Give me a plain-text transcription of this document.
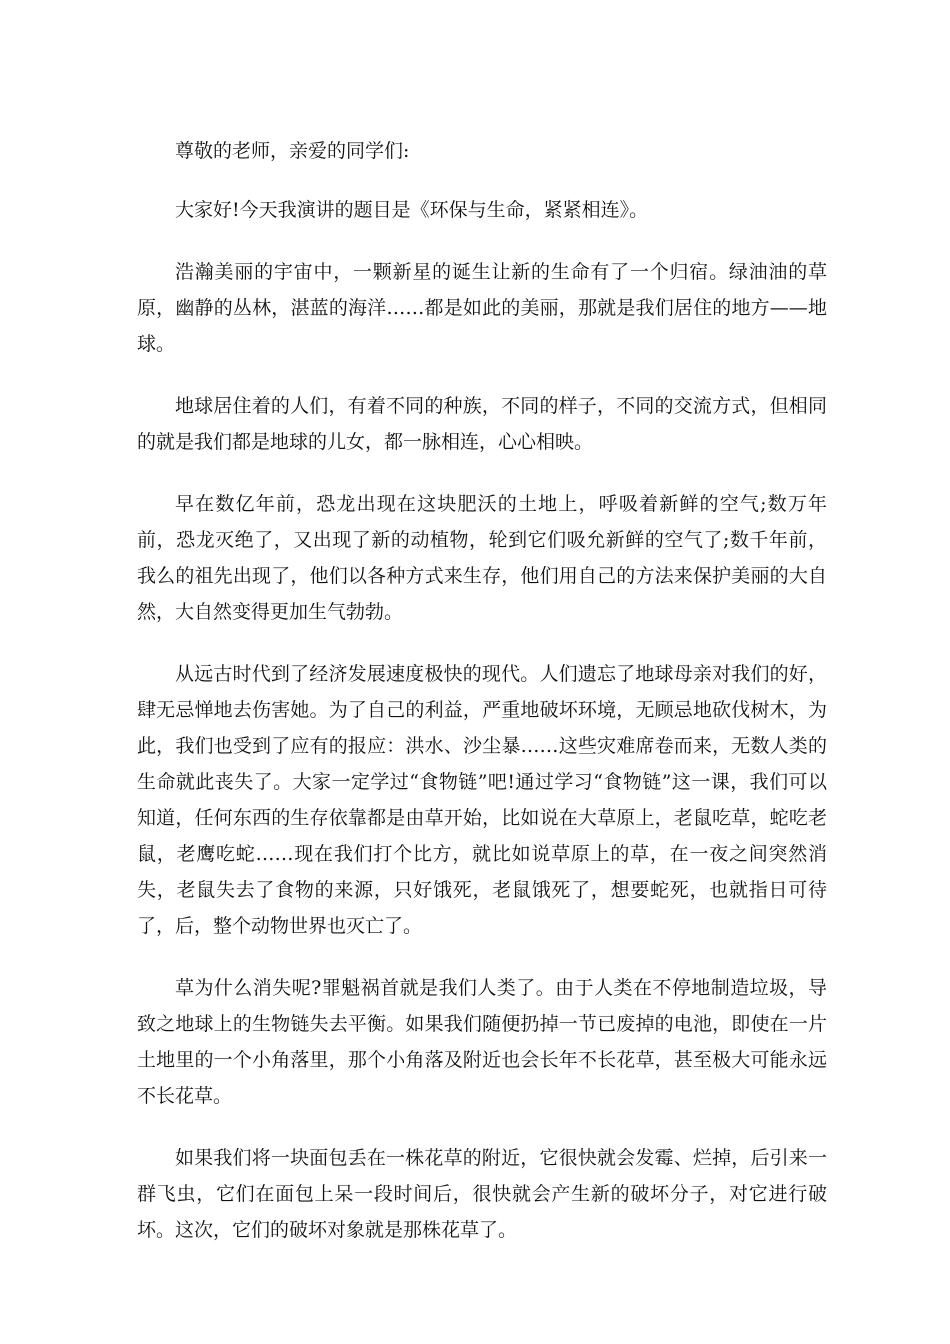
尊敬的老师，亲爱的同学们:

大家好!今天我演讲的题目是《环保与生命，紧紧相连》。

浩瀚美丽的宇宙中，一颗新星的诞生让新的生命有了一个归宿。绿油油的草原，幽静的丛林，湛蓝的海洋……都是如此的美丽，那就是我们居住的地方——地球。

地球居住着的人们，有着不同的种族，不同的样子，不同的交流方式，但相同的就是我们都是地球的儿女，都一脉相连，心心相映。

早在数亿年前，恐龙出现在这块肥沃的土地上，呼吸着新鲜的空气;数万年前，恐龙灭绝了，又出现了新的动植物，轮到它们吸允新鲜的空气了;数千年前，我么的祖先出现了，他们以各种方式来生存，他们用自己的方法来保护美丽的大自然，大自然变得更加生气勃勃。

从远古时代到了经济发展速度极快的现代。人们遗忘了地球母亲对我们的好，肆无忌惮地去伤害她。为了自己的利益，严重地破坏环境，无顾忌地砍伐树木，为此，我们也受到了应有的报应：洪水、沙尘暴……这些灾难席卷而来，无数人类的生命就此丧失了。大家一定学过“食物链”吧!通过学习“食物链”这一课，我们可以知道，任何东西的生存依靠都是由草开始，比如说在大草原上，老鼠吃草，蛇吃老鼠，老鹰吃蛇……现在我们打个比方，就比如说草原上的草，在一夜之间突然消失，老鼠失去了食物的来源，只好饿死，老鼠饿死了，想要蛇死，也就指日可待了，后，整个动物世界也灭亡了。

草为什么消失呢?罪魁祸首就是我们人类了。由于人类在不停地制造垃圾，导致之地球上的生物链失去平衡。如果我们随便扔掉一节已废掉的电池，即使在一片土地里的一个小角落里，那个小角落及附近也会长年不长花草，甚至极大可能永远不长花草。

如果我们将一块面包丢在一株花草的附近，它很快就会发霉、烂掉，后引来一群飞虫，它们在面包上呆一段时间后，很快就会产生新的破坏分子，对它进行破坏。这次，它们的破坏对象就是那株花草了。
